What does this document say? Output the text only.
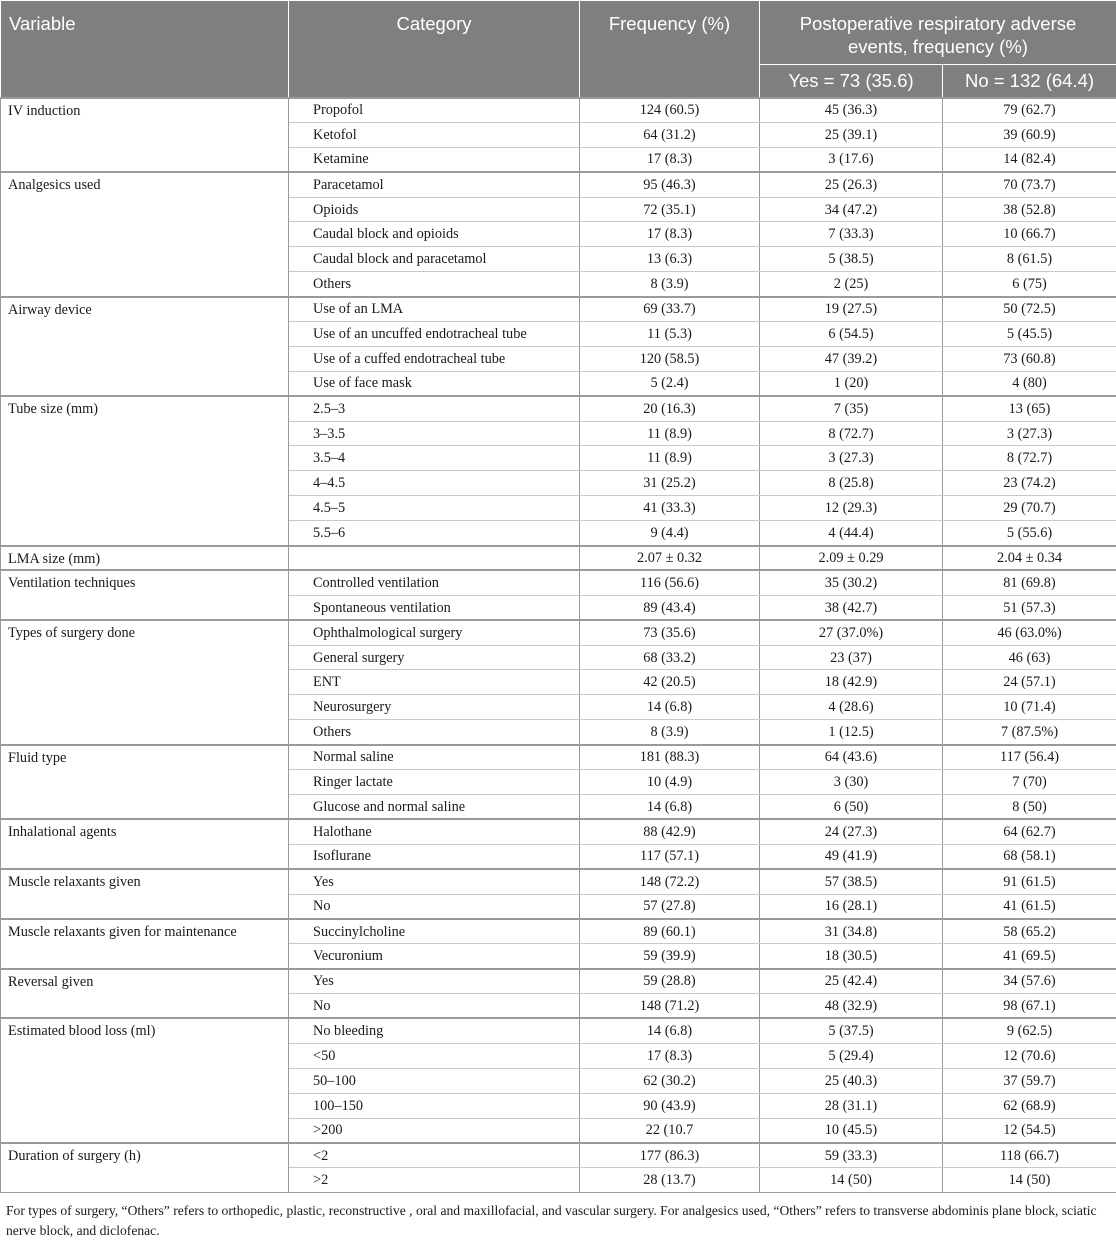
Variable	Category	Frequency (%)	Postoperative respiratory adverse events, frequency (%)	
			Yes = 73 (35.6)	No = 132 (64.4)
IV induction	Propofol	124 (60.5)	45 (36.3)	79 (62.7)
	Ketofol	64 (31.2)	25 (39.1)	39 (60.9)
	Ketamine	17 (8.3)	3 (17.6)	14 (82.4)
Analgesics used	Paracetamol	95 (46.3)	25 (26.3)	70 (73.7)
	Opioids	72 (35.1)	34 (47.2)	38 (52.8)
	Caudal block and opioids	17 (8.3)	7 (33.3)	10 (66.7)
	Caudal block and paracetamol	13 (6.3)	5 (38.5)	8 (61.5)
	Others	8 (3.9)	2 (25)	6 (75)
Airway device	Use of an LMA	69 (33.7)	19 (27.5)	50 (72.5)
	Use of an uncuffed endotracheal tube	11 (5.3)	6 (54.5)	5 (45.5)
	Use of a cuffed endotracheal tube	120 (58.5)	47 (39.2)	73 (60.8)
	Use of face mask	5 (2.4)	1 (20)	4 (80)
Tube size (mm)	2.5–3	20 (16.3)	7 (35)	13 (65)
	3–3.5	11 (8.9)	8 (72.7)	3 (27.3)
	3.5–4	11 (8.9)	3 (27.3)	8 (72.7)
	4–4.5	31 (25.2)	8 (25.8)	23 (74.2)
	4.5–5	41 (33.3)	12 (29.3)	29 (70.7)
	5.5–6	9 (4.4)	4 (44.4)	5 (55.6)
LMA size (mm)		2.07 ± 0.32	2.09 ± 0.29	2.04 ± 0.34
Ventilation techniques	Controlled ventilation	116 (56.6)	35 (30.2)	81 (69.8)
	Spontaneous ventilation	89 (43.4)	38 (42.7)	51 (57.3)
Types of surgery done	Ophthalmological surgery	73 (35.6)	27 (37.0%)	46 (63.0%)
	General surgery	68 (33.2)	23 (37)	46 (63)
	ENT	42 (20.5)	18 (42.9)	24 (57.1)
	Neurosurgery	14 (6.8)	4 (28.6)	10 (71.4)
	Others	8 (3.9)	1 (12.5)	7 (87.5%)
Fluid type	Normal saline	181 (88.3)	64 (43.6)	117 (56.4)
	Ringer lactate	10 (4.9)	3 (30)	7 (70)
	Glucose and normal saline	14 (6.8)	6 (50)	8 (50)
Inhalational agents	Halothane	88 (42.9)	24 (27.3)	64 (62.7)
	Isoflurane	117 (57.1)	49 (41.9)	68 (58.1)
Muscle relaxants given	Yes	148 (72.2)	57 (38.5)	91 (61.5)
	No	57 (27.8)	16 (28.1)	41 (61.5)
Muscle relaxants given for maintenance	Succinylcholine	89 (60.1)	31 (34.8)	58 (65.2)
	Vecuronium	59 (39.9)	18 (30.5)	41 (69.5)
Reversal given	Yes	59 (28.8)	25 (42.4)	34 (57.6)
	No	148 (71.2)	48 (32.9)	98 (67.1)
Estimated blood loss (ml)	No bleeding	14 (6.8)	5 (37.5)	9 (62.5)
	<50	17 (8.3)	5 (29.4)	12 (70.6)
	50–100	62 (30.2)	25 (40.3)	37 (59.7)
	100–150	90 (43.9)	28 (31.1)	62 (68.9)
	>200	22 (10.7	10 (45.5)	12 (54.5)
Duration of surgery (h)	<2	177 (86.3)	59 (33.3)	118 (66.7)
	>2	28 (13.7)	14 (50)	14 (50)
For types of surgery, “Others” refers to orthopedic, plastic, reconstructive , oral and maxillofacial, and vascular surgery. For analgesics used, “Others” refers to transverse abdominis plane block, sciatic nerve block, and diclofenac.
